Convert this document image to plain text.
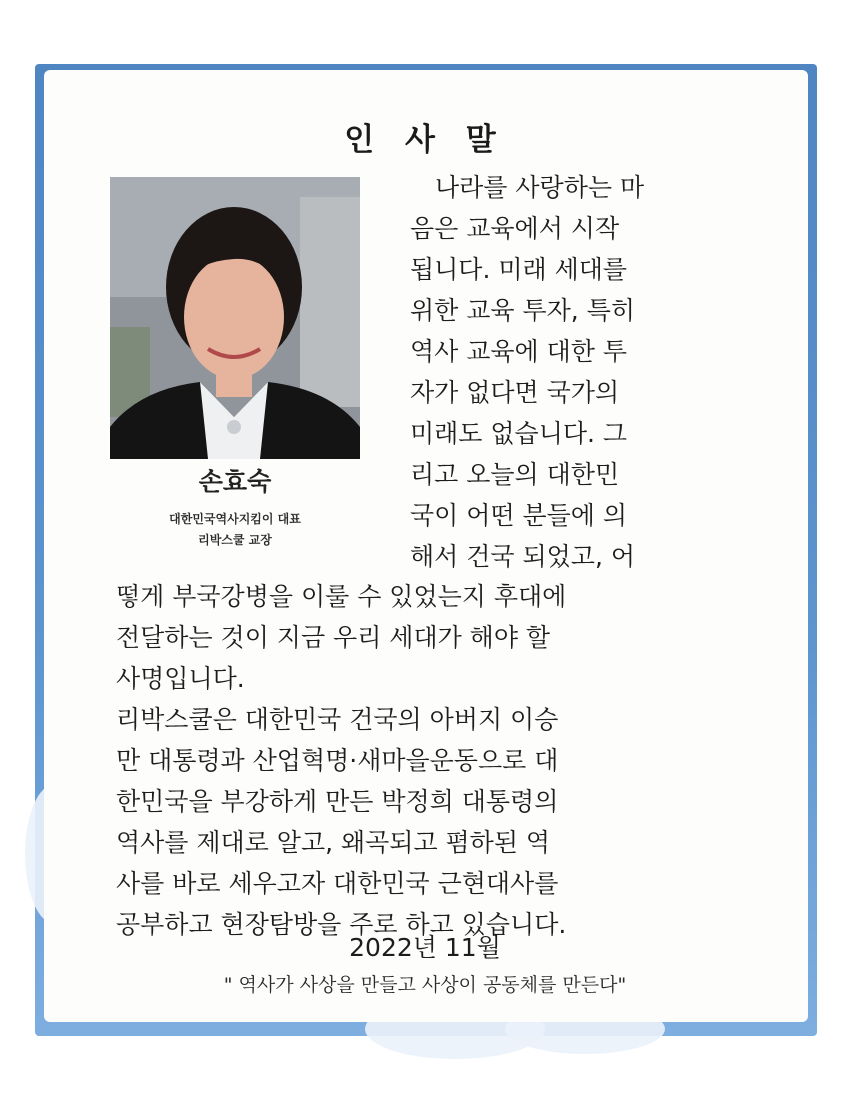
인 사 말
손효숙
대한민국역사지킴이 대표
리박스쿨 교장
　나라를 사랑하는 마
음은 교육에서 시작
됩니다. 미래 세대를
위한 교육 투자, 특히
역사 교육에 대한 투
자가 없다면 국가의
미래도 없습니다. 그
리고 오늘의 대한민
국이 어떤 분들에 의
해서 건국 되었고, 어
떻게 부국강병을 이룰 수 있었는지 후대에
전달하는 것이 지금 우리 세대가 해야 할
사명입니다.
리박스쿨은 대한민국 건국의 아버지 이승
만 대통령과 산업혁명·새마을운동으로 대
한민국을 부강하게 만든 박정희 대통령의
역사를 제대로 알고, 왜곡되고 폄하된 역
사를 바로 세우고자 대한민국 근현대사를
공부하고 현장탐방을 주로 하고 있습니다.
2022년 11월
" 역사가 사상을 만들고 사상이 공동체를 만든다"
